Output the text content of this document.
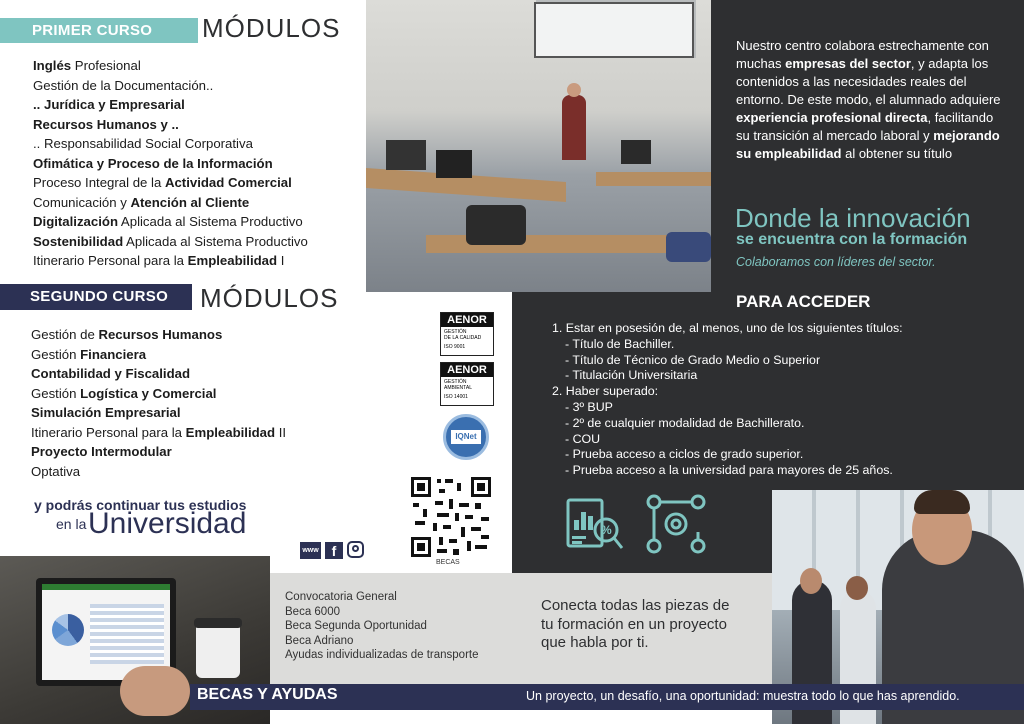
PRIMER CURSO	MÓDULOS
Inglés Profesional
Gestión de la Documentación..
.. Jurídica y Empresarial
Recursos Humanos y ..
.. Responsabilidad Social Corporativa
Ofimática y Proceso de la Información
Proceso Integral de la Actividad Comercial
Comunicación y Atención al Cliente
Digitalización Aplicada al Sistema Productivo
Sostenibilidad Aplicada al Sistema Productivo
Itinerario Personal para la Empleabilidad I
SEGUNDO CURSO	MÓDULOS
Gestión de Recursos Humanos
Gestión Financiera
Contabilidad y Fiscalidad
Gestión Logística y Comercial
Simulación Empresarial
Itinerario Personal para la Empleabilidad II
Proyecto Intermodular
Optativa
y podrás continuar tus estudios
en la Universidad
www f
AENOR
GESTIÓN
DE LA CALIDAD
ISO 9001
AENOR
GESTIÓN
AMBIENTAL
ISO 14001
IQNet
BECAS
Nuestro centro colabora estrechamente con muchas empresas del sector, y adapta los contenidos a las necesidades reales del entorno. De este modo, el alumnado adquiere experiencia profesional directa, facilitando su transición al mercado laboral y mejorando su empleabilidad al obtener su título
Donde la innovación
se encuentra con la formación
Colaboramos con líderes del sector.
PARA ACCEDER
1. Estar en posesión de, al menos, uno de los siguientes títulos:
- Título de Bachiller.
- Título de Técnico de Grado Medio o Superior
- Titulación Universitaria
2. Haber superado:
- 3º BUP
- 2º de cualquier modalidad de Bachillerato.
- COU
- Prueba acceso a ciclos de grado superior.
- Prueba acceso a la universidad para mayores de 25 años.
%
Convocatoria General
Beca 6000
Beca Segunda Oportunidad
Beca Adriano
Ayudas individualizadas de transporte
Conecta todas las piezas de tu formación en un proyecto que habla por ti.
BECAS Y AYUDAS	Un proyecto, un desafío, una oportunidad: muestra todo lo que has aprendido.
